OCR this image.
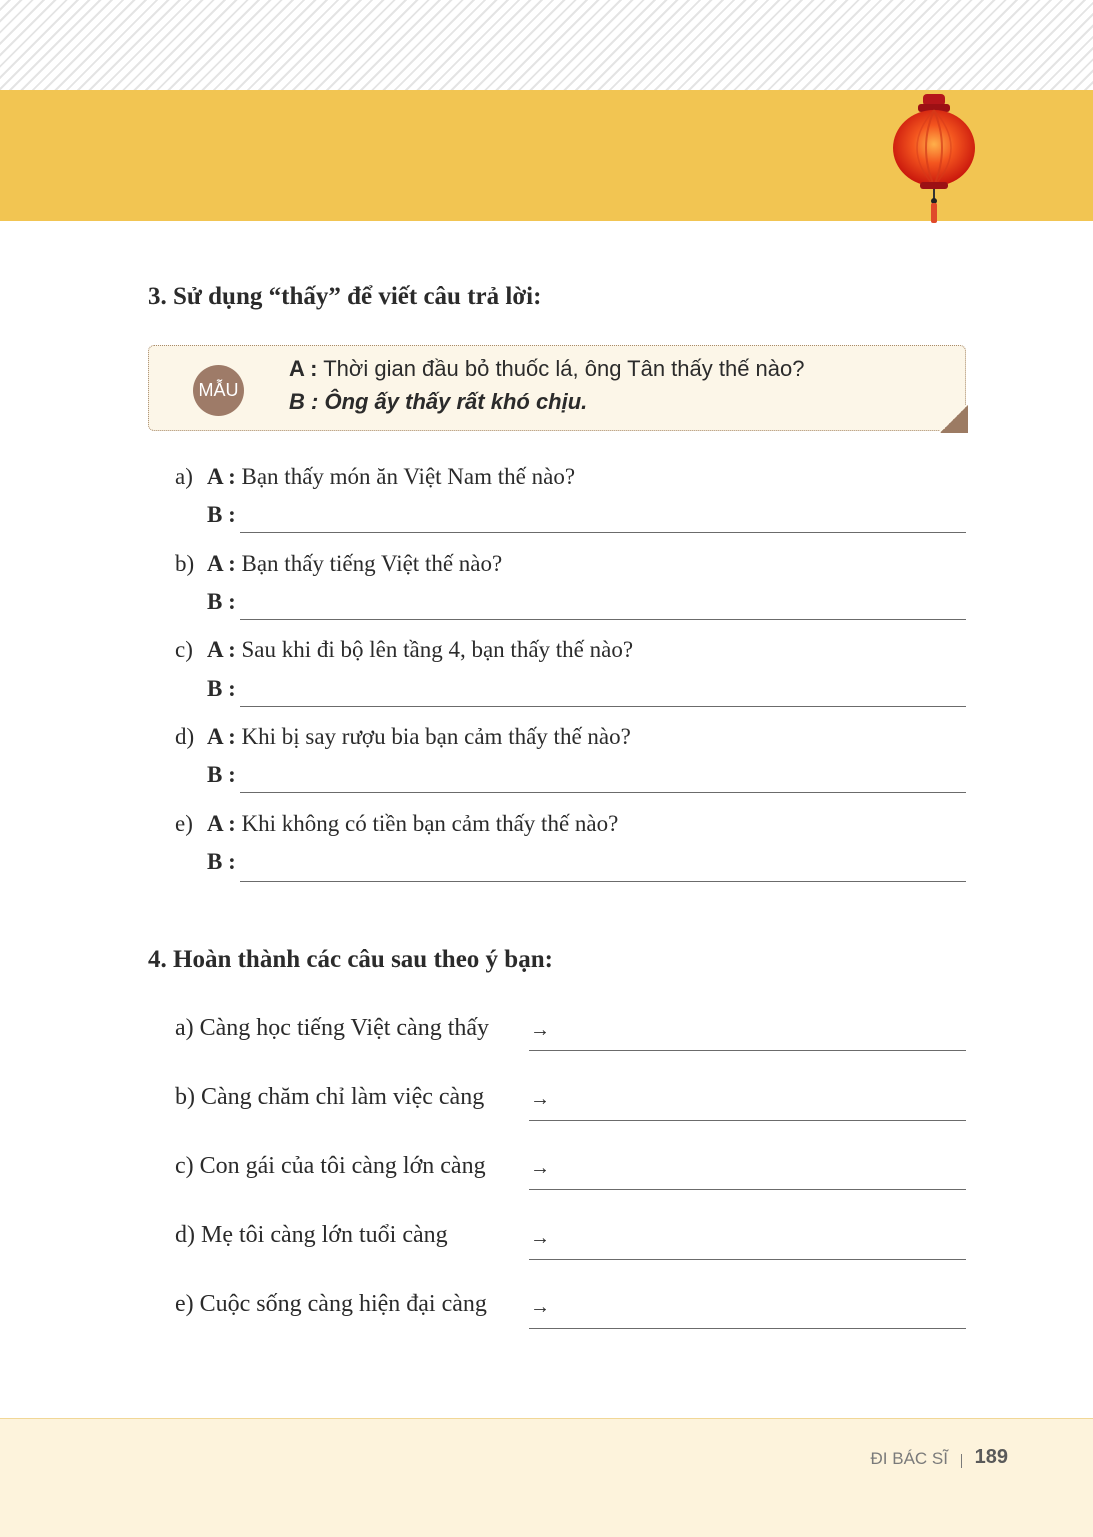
3. Sử dụng “thấy” để viết câu trả lời:
MẪU
A : Thời gian đầu bỏ thuốc lá, ông Tân thấy thế nào?
B : Ông ấy thấy rất khó chịu.
a) A : Bạn thấy món ăn Việt Nam thế nào?
B :
b) A : Bạn thấy tiếng Việt thế nào?
B :
c) A : Sau khi đi bộ lên tầng 4, bạn thấy thế nào?
B :
d) A : Khi bị say rượu bia bạn cảm thấy thế nào?
B :
e) A : Khi không có tiền bạn cảm thấy thế nào?
B :
4. Hoàn thành các câu sau theo ý bạn:
a) Càng học tiếng Việt càng thấy →
b) Càng chăm chỉ làm việc càng →
c) Con gái của tôi càng lớn càng →
d) Mẹ tôi càng lớn tuổi càng	→
e) Cuộc sống càng hiện đại càng →
ĐI BÁC SĨ 189
